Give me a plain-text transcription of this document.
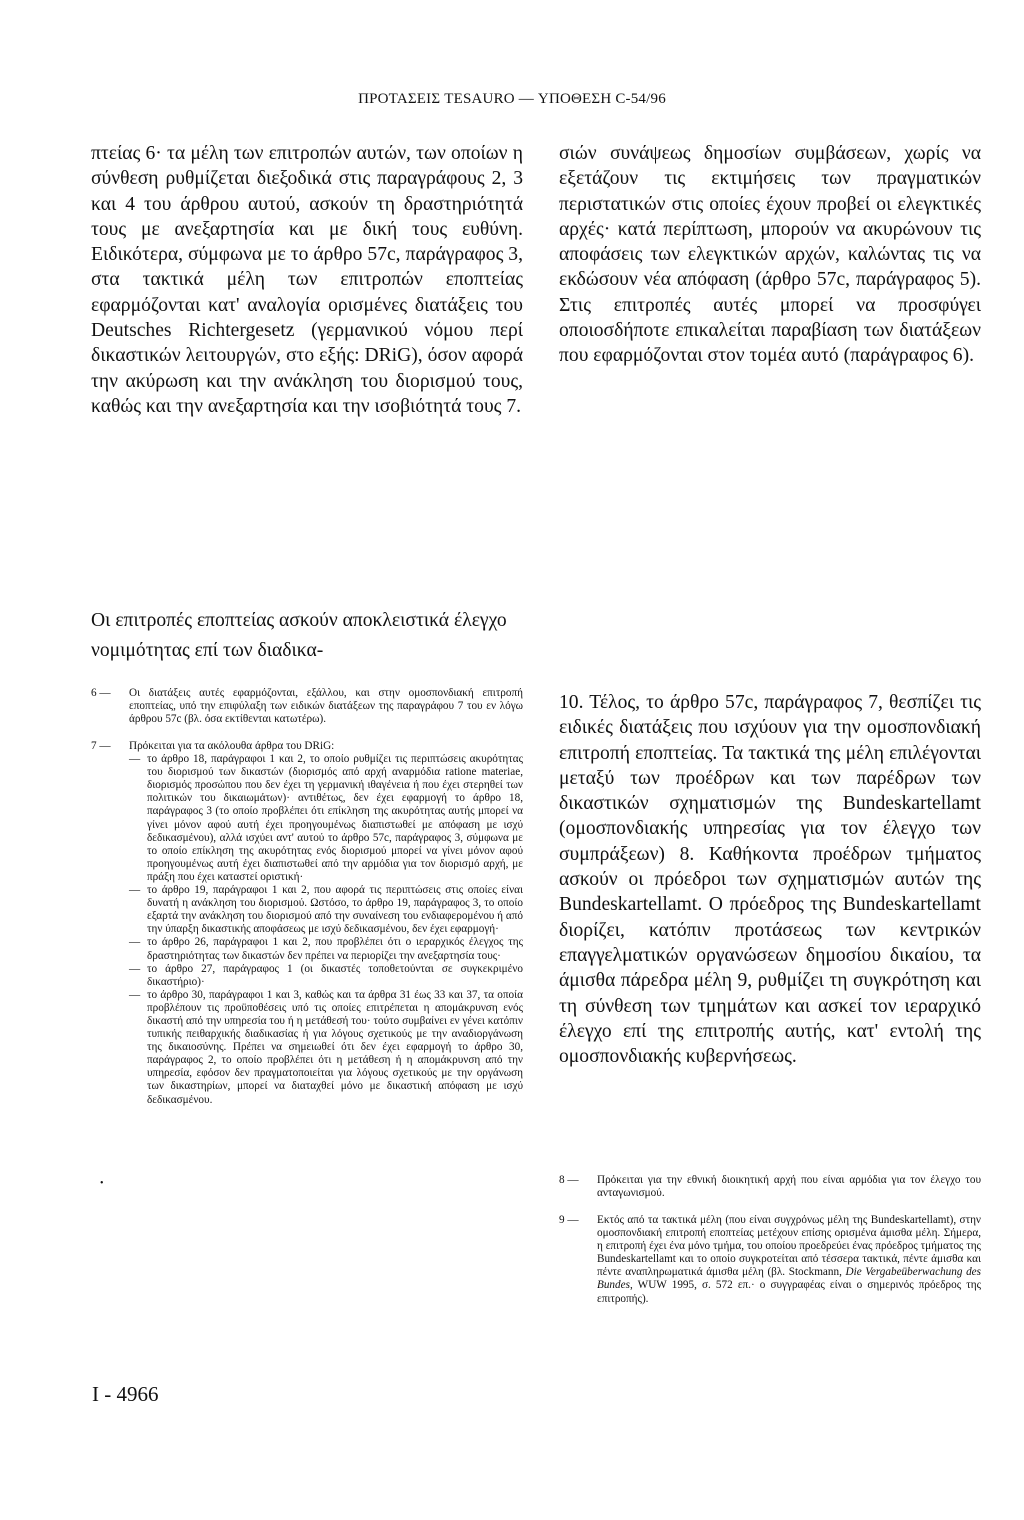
ΠΡΟΤΑΣΕΙΣ TESAURO — ΥΠΟΘΕΣΗ C-54/96

πτείας 6· τα μέλη των επιτροπών αυτών, των οποίων η σύνθεση ρυθμίζεται διεξοδικά στις παραγράφους 2, 3 και 4 του άρθρου αυτού, ασκούν τη δραστηριότητά τους με ανεξαρτησία και με δική τους ευθύνη. Ειδικότερα, σύμφωνα με το άρθρο 57c, παράγραφος 3, στα τακτικά μέλη των επιτροπών εποπτείας εφαρμόζονται κατ' αναλογία ορισμένες διατάξεις του Deutsches Richtergesetz (γερμανικού νόμου περί δικαστικών λειτουργών, στο εξής: DRiG), όσον αφορά την ακύρωση και την ανάκληση του διορισμού τους, καθώς και την ανεξαρτησία και την ισοβιότητά τους 7.

σιών συνάψεως δημοσίων συμβάσεων, χωρίς να εξετάζουν τις εκτιμήσεις των πραγματικών περιστατικών στις οποίες έχουν προβεί οι ελεγκτικές αρχές· κατά περίπτωση, μπορούν να ακυρώνουν τις αποφάσεις των ελεγκτικών αρχών, καλώντας τις να εκδώσουν νέα απόφαση (άρθρο 57c, παράγραφος 5). Στις επιτροπές αυτές μπορεί να προσφύγει οποιοσδήποτε επικαλείται παραβίαση των διατάξεων που εφαρμόζονται στον τομέα αυτό (παράγραφος 6).

Οι επιτροπές εποπτείας ασκούν αποκλειστικά έλεγχο νομιμότητας επί των διαδικα-

10. Τέλος, το άρθρο 57c, παράγραφος 7, θεσπίζει τις ειδικές διατάξεις που ισχύουν για την ομοσπονδιακή επιτροπή εποπτείας. Τα τακτικά της μέλη επιλέγονται μεταξύ των προέδρων και των παρέδρων των δικαστικών σχηματισμών της Bundeskartellamt (ομοσπονδιακής υπηρεσίας για τον έλεγχο των συμπράξεων) 8. Καθήκοντα προέδρων τμήματος ασκούν οι πρόεδροι των σχηματισμών αυτών της Bundeskartellamt. Ο πρόεδρος της Bundeskartellamt διορίζει, κατόπιν προτάσεως των κεντρικών επαγγελματικών οργανώσεων δημοσίου δικαίου, τα άμισθα πάρεδρα μέλη 9, ρυθμίζει τη συγκρότηση και τη σύνθεση των τμημάτων και ασκεί τον ιεραρχικό έλεγχο επί της επιτροπής αυτής, κατ' εντολή της ομοσπονδιακής κυβερνήσεως.

6 —	Οι διατάξεις αυτές εφαρμόζονται, εξάλλου, και στην ομοσπονδιακή επιτροπή εποπτείας, υπό την επιφύλαξη των ειδικών διατάξεων της παραγράφου 7 του εν λόγω άρθρου 57c (βλ. όσα εκτίθενται κατωτέρω).

7 —	Πρόκειται για τα ακόλουθα άρθρα του DRiG:

— το άρθρο 18, παράγραφοι 1 και 2, το οποίο ρυθμίζει τις περιπτώσεις ακυρότητας του διορισμού των δικαστών (διορισμός από αρχή αναρμόδια ratione materiae, διορισμός προσώπου που δεν έχει τη γερμανική ιθαγένεια ή που έχει στερηθεί των πολιτικών του δικαιωμάτων)· αντιθέτως, δεν έχει εφαρμογή το άρθρο 18, παράγραφος 3 (το οποίο προβλέπει ότι επίκληση της ακυρότητας αυτής μπορεί να γίνει μόνον αφού αυτή έχει προηγουμένως διαπιστωθεί με απόφαση με ισχύ δεδικασμένου), αλλά ισχύει αντ' αυτού το άρθρο 57c, παράγραφος 3, σύμφωνα με το οποίο επίκληση της ακυρότητας ενός διορισμού μπορεί να γίνει μόνον αφού προηγουμένως αυτή έχει διαπιστωθεί από την αρμόδια για τον διορισμό αρχή, με πράξη που έχει καταστεί οριστική·

— το άρθρο 19, παράγραφοι 1 και 2, που αφορά τις περιπτώσεις στις οποίες είναι δυνατή η ανάκληση του διορισμού. Ωστόσο, το άρθρο 19, παράγραφος 3, το οποίο εξαρτά την ανάκληση του διορισμού από την συναίνεση του ενδιαφερομένου ή από την ύπαρξη δικαστικής αποφάσεως με ισχύ δεδικασμένου, δεν έχει εφαρμογή·

— το άρθρο 26, παράγραφοι 1 και 2, που προβλέπει ότι ο ιεραρχικός έλεγχος της δραστηριότητας των δικαστών δεν πρέπει να περιορίζει την ανεξαρτησία τους·

— το άρθρο 27, παράγραφος 1 (οι δικαστές τοποθετούνται σε συγκεκριμένο δικαστήριο)·

— το άρθρο 30, παράγραφοι 1 και 3, καθώς και τα άρθρα 31 έως 33 και 37, τα οποία προβλέπουν τις προϋποθέσεις υπό τις οποίες επιτρέπεται η απομάκρυνση ενός δικαστή από την υπηρεσία του ή η μετάθεσή του· τούτο συμβαίνει εν γένει κατόπιν τυπικής πειθαρχικής διαδικασίας ή για λόγους σχετικούς με την αναδιοργάνωση της δικαιοσύνης. Πρέπει να σημειωθεί ότι δεν έχει εφαρμογή το άρθρο 30, παράγραφος 2, το οποίο προβλέπει ότι η μετάθεση ή η απομάκρυνση από την υπηρεσία, εφόσον δεν πραγματοποιείται για λόγους σχετικούς με την οργάνωση των δικαστηρίων, μπορεί να διαταχθεί μόνο με δικαστική απόφαση με ισχύ δεδικασμένου.

•	8 —	Πρόκειται για την εθνική διοικητική αρχή που είναι αρμόδια για τον έλεγχο του ανταγωνισμού.

9 —	Εκτός από τα τακτικά μέλη (που είναι συγχρόνως μέλη της Bundeskartellamt), στην ομοσπονδιακή επιτροπή εποπτείας μετέχουν επίσης ορισμένα άμισθα μέλη. Σήμερα, η επιτροπή έχει ένα μόνο τμήμα, του οποίου προεδρεύει ένας πρόεδρος τμήματος της Bundeskartellamt και το οποίο συγκροτείται από τέσσερα τακτικά, πέντε άμισθα και πέντε αναπληρωματικά άμισθα μέλη (βλ. Stockmann, Die Vergabeüberwachung des Bundes, WUW 1995, σ. 572 επ.· ο συγγραφέας είναι ο σημερινός πρόεδρος της επιτροπής).

I - 4966
